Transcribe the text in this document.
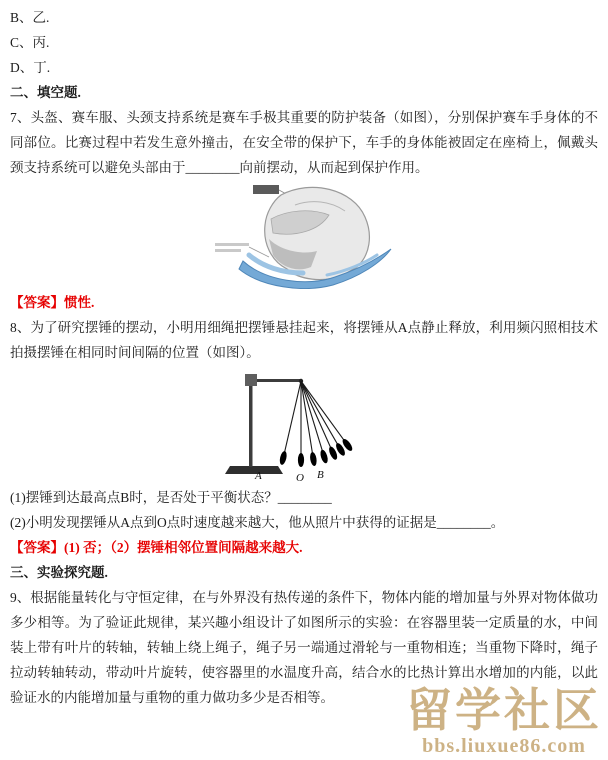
B、乙.

C、丙.

D、丁.

二、填空题.

7、头盔、赛车服、头颈支持系统是赛车手极其重要的防护装备（如图），分别保护赛车手身体的不同部位。比赛过程中若发生意外撞击，在安全带的保护下，车手的身体能被固定在座椅上，佩戴头颈支持系统可以避免头部由于________向前摆动，从而起到保护作用。

【答案】惯性.

8、为了研究摆锤的摆动，小明用细绳把摆锤悬挂起来，将摆锤从A点静止释放，利用频闪照相技术拍摄摆锤在相同时间间隔的位置（如图）。

A	O B

(1)摆锤到达最高点B时，是否处于平衡状态？________

(2)小明发现摆锤从A点到O点时速度越来越大，他从照片中获得的证据是________。

【答案】(1) 否；（2）摆锤相邻位置间隔越来越大.

三、实验探究题.

9、根据能量转化与守恒定律，在与外界没有热传递的条件下，物体内能的增加量与外界对物体做功多少相等。为了验证此规律，某兴趣小组设计了如图所示的实验：在容器里装一定质量的水，中间装上带有叶片的转轴，转轴上绕上绳子，绳子另一端通过滑轮与一重物相连；当重物下降时，绳子拉动转轴转动，带动叶片旋转，使容器里的水温度升高，结合水的比热计算出水增加的内能，以此验证水的内能增加量与重物的重力做功多少是否相等。	留学社区
bbs.liuxue86.com
